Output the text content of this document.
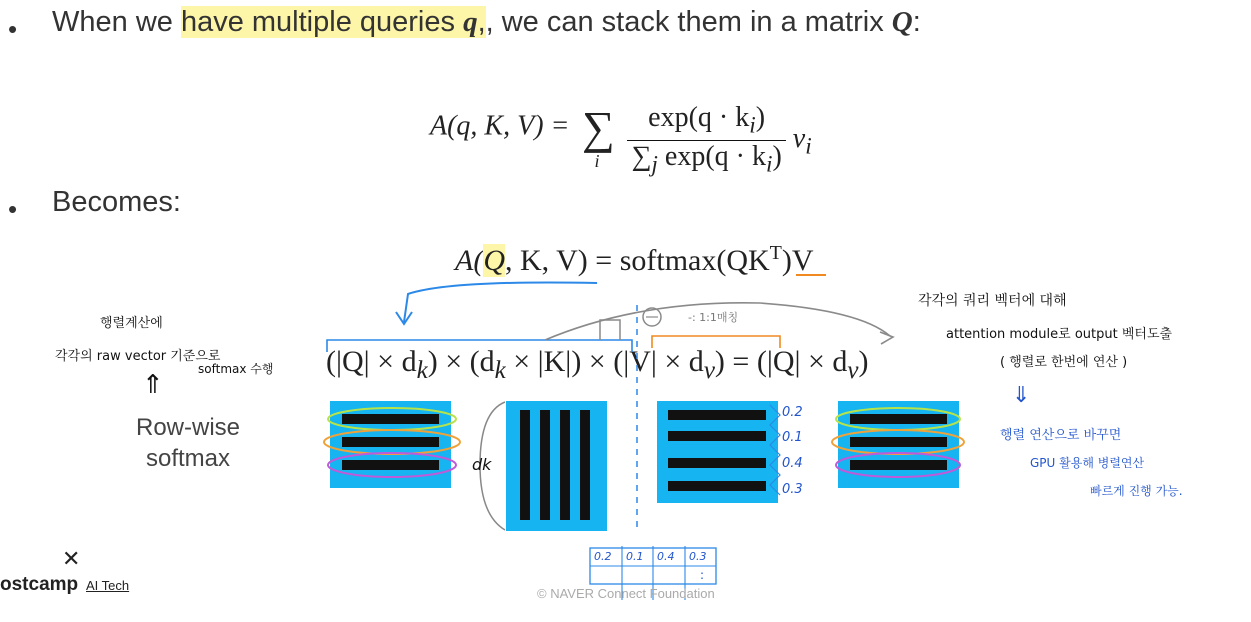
• When we have multiple queries q,, we can stack them in a matrix Q:
A(q, K, V) = ∑
i
$\frac{\exp(q \cdot k_i)}{\sum_j \exp(q \cdot k_i)} v_i$
• Becomes:
A(Q, K, $V) = softmax(QK^T)V$
$(|Q| \times d_k) \times (d_k \times |K|) \times (|V| \times d_v) = (|Q| \times d_v)$
Row-wise
softmax	dk
0.2
0.1
0.4
0.3
0.2 0.1 0.4 0.3
:
-: 1:1매칭
행렬계산에
각각의 raw vector 기준으로
softmax 수행
⇑
각각의 쿼리 벡터에 대해
attention module로 output 벡터도출
( 행렬로 한번에 연산 )
⇓
행렬 연산으로 바꾸면
GPU 활용해 병렬연산
빠르게 진행 가능.
✕
ostcamp AI Tech
© NAVER Connect Foundation
